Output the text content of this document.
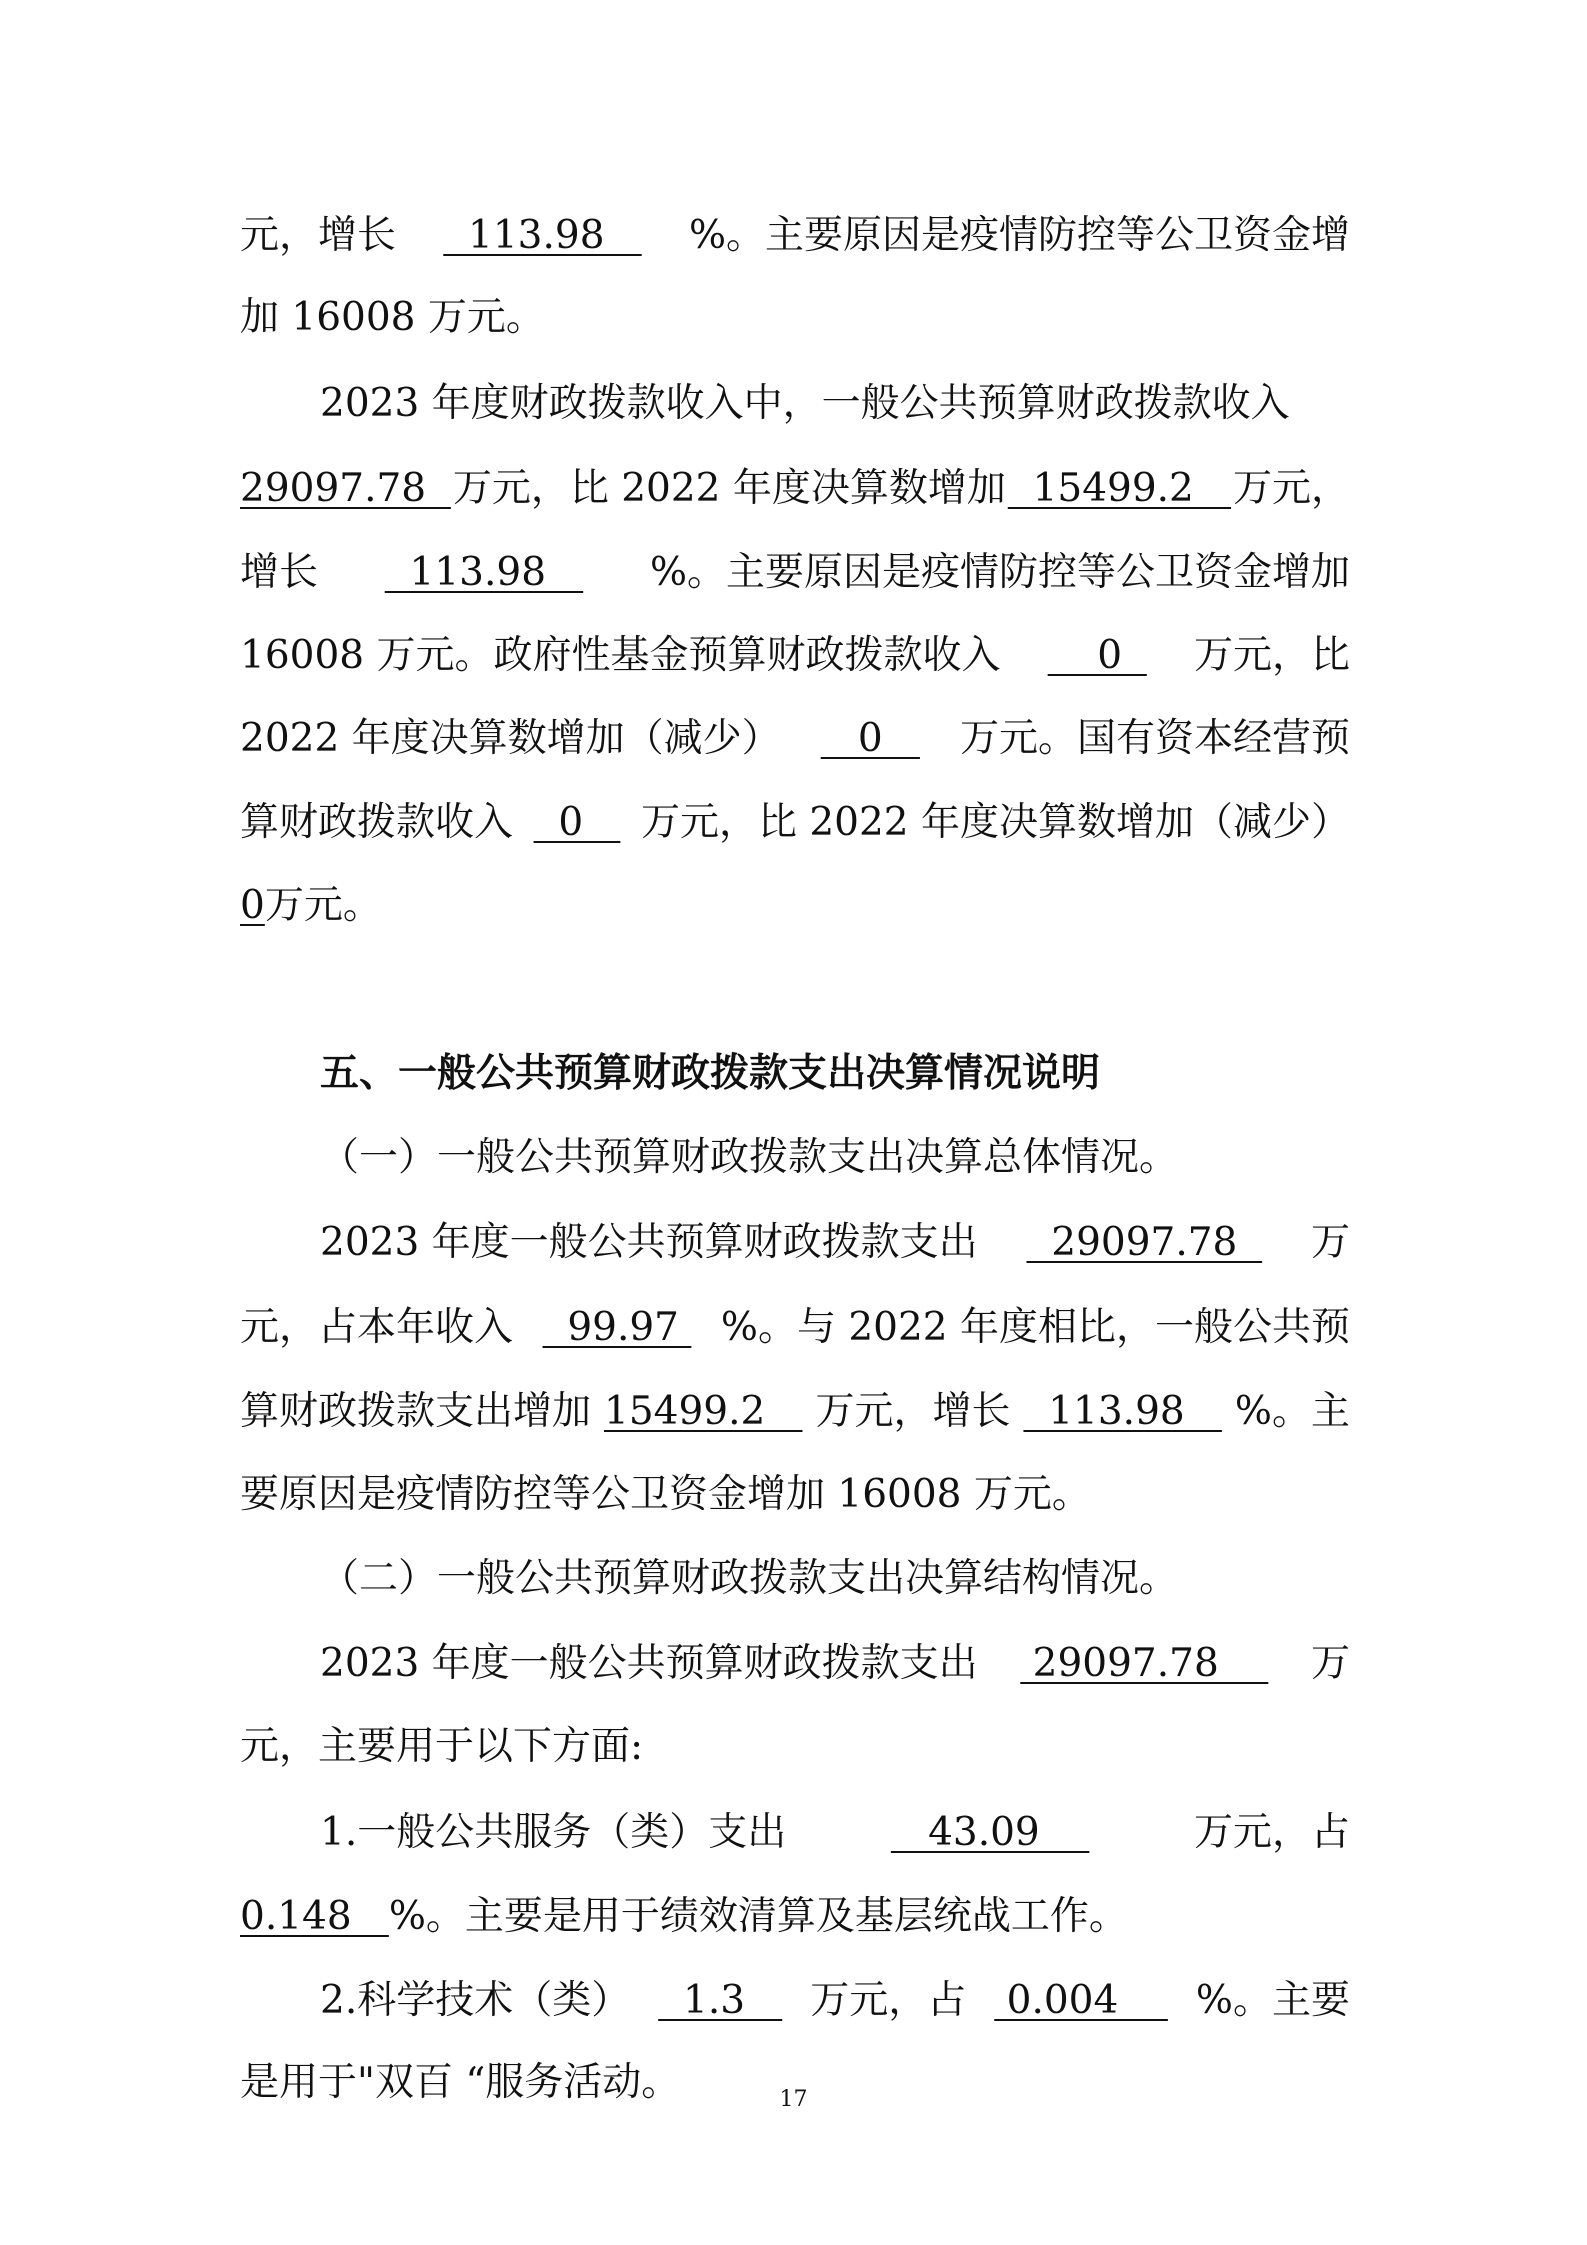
元，增长 113.98 %。主要原因是疫情防控等公卫资金增
加 16008 万元。
2023 年度财政拨款收入中，一般公共预算财政拨款收入
29097.78 万元，比 2022 年度决算数增加 15499.2 万元，
增长 113.98 %。主要原因是疫情防控等公卫资金增加
16008 万元。政府性基金预算财政拨款收入 0 万元，比
2022 年度决算数增加（减少） 0 万元。国有资本经营预
算财政拨款收入 0 万元，比 2022 年度决算数增加（减少）
0万元。
五、一般公共预算财政拨款支出决算情况说明
（一）一般公共预算财政拨款支出决算总体情况。
2023 年度一般公共预算财政拨款支出 29097.78 万
元，占本年收入 99.97 %。与 2022 年度相比，一般公共预
算财政拨款支出增加 15499.2 万元，增长 113.98 %。主
要原因是疫情防控等公卫资金增加 16008 万元。
（二）一般公共预算财政拨款支出决算结构情况。
2023 年度一般公共预算财政拨款支出 29097.78 万
元，主要用于以下方面:
1.一般公共服务（类）支出	43.09	万元，占
0.148   %。主要是用于绩效清算及基层统战工作。
2.科学技术（类） 1.3 万元，占 0.004 %。主要
是用于"双百 “服务活动。	17
